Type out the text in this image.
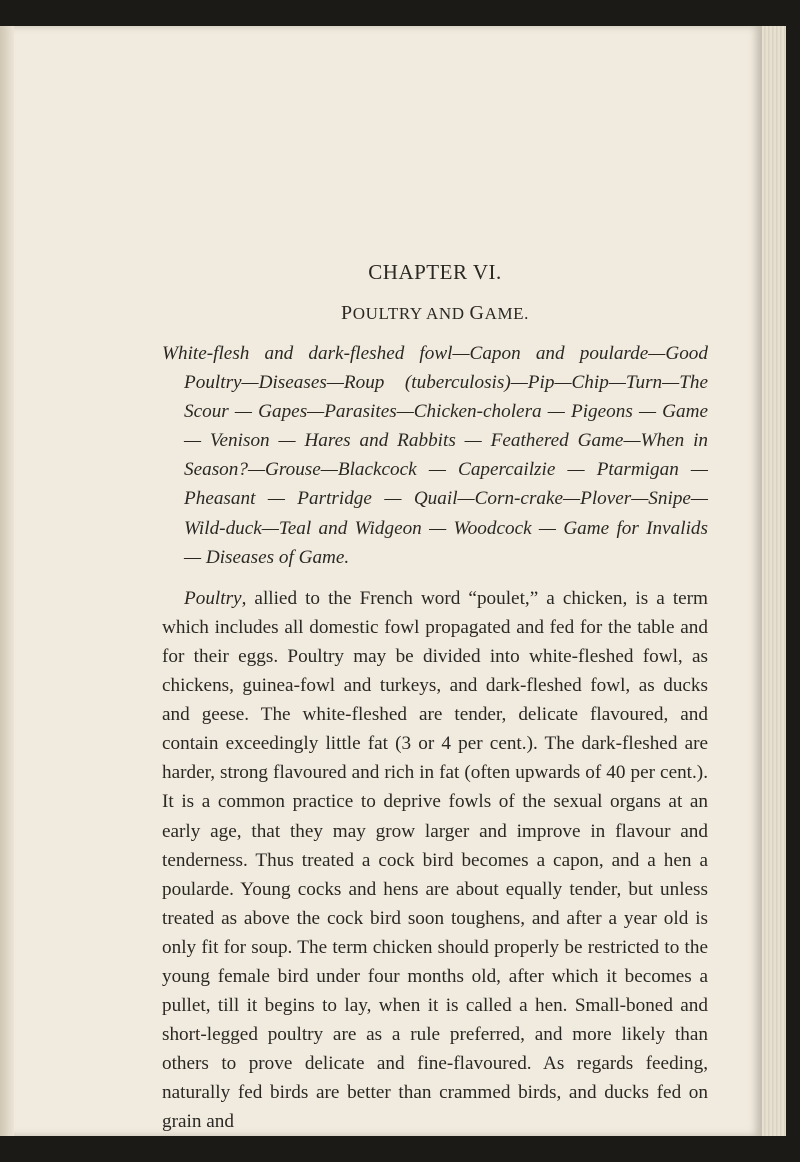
CHAPTER VI.

POULTRY AND GAME.

White-flesh and dark-fleshed fowl—Capon and poularde—Good Poultry—Diseases—Roup (tuberculosis)—Pip—Chip—Turn—The Scour — Gapes—Parasites—Chicken-cholera — Pigeons — Game — Venison — Hares and Rabbits — Feathered Game—When in Season?—Grouse—Blackcock — Capercailzie — Ptarmigan — Pheasant — Partridge — Quail—Corn-crake—Plover—Snipe—Wild-duck—Teal and Widgeon — Woodcock — Game for Invalids — Diseases of Game.

Poultry, allied to the French word “poulet,” a chicken, is a term which includes all domestic fowl propagated and fed for the table and for their eggs. Poultry may be divided into white-fleshed fowl, as chickens, guinea-fowl and turkeys, and dark-fleshed fowl, as ducks and geese. The white-fleshed are tender, delicate flavoured, and contain exceedingly little fat (3 or 4 per cent.). The dark-fleshed are harder, strong flavoured and rich in fat (often upwards of 40 per cent.). It is a common practice to deprive fowls of the sexual organs at an early age, that they may grow larger and improve in flavour and tenderness. Thus treated a cock bird becomes a capon, and a hen a poularde. Young cocks and hens are about equally tender, but unless treated as above the cock bird soon toughens, and after a year old is only fit for soup. The term chicken should properly be restricted to the young female bird under four months old, after which it becomes a pullet, till it begins to lay, when it is called a hen. Small-boned and short-legged poultry are as a rule preferred, and more likely than others to prove delicate and fine-flavoured. As regards feeding, naturally fed birds are better than crammed birds, and ducks fed on grain and
